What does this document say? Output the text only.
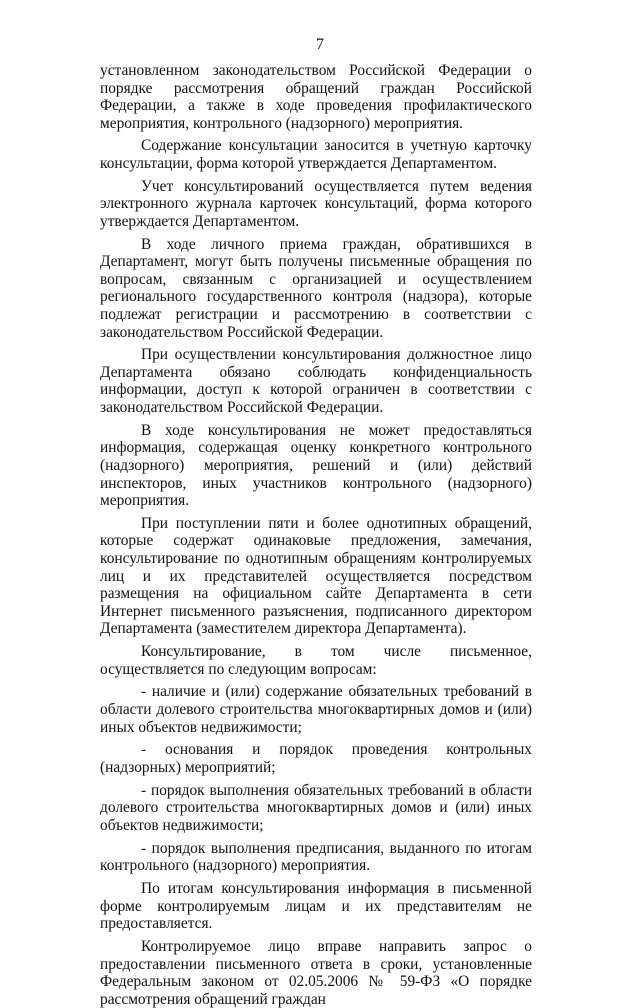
7

установленном законодательством Российской Федерации о порядке рассмотрения обращений граждан Российской Федерации, а также в ходе проведения профилактического мероприятия, контрольного (надзорного) мероприятия.

Содержание консультации заносится в учетную карточку консультации, форма которой утверждается Департаментом.

Учет консультирований осуществляется путем ведения электронного журнала карточек консультаций, форма которого утверждается Департаментом.

В ходе личного приема граждан, обратившихся в Департамент, могут быть получены письменные обращения по вопросам, связанным с организацией и осуществлением регионального государственного контроля (надзора), которые подлежат регистрации и рассмотрению в соответствии с законодательством Российской Федерации.

При осуществлении консультирования должностное лицо Департамента обязано соблюдать конфиденциальность информации, доступ к которой ограничен в соответствии с законодательством Российской Федерации.

В ходе консультирования не может предоставляться информация, содержащая оценку конкретного контрольного (надзорного) мероприятия, решений и (или) действий инспекторов, иных участников контрольного (надзорного) мероприятия.

При поступлении пяти и более однотипных обращений, которые содержат одинаковые предложения, замечания, консультирование по однотипным обращениям контролируемых лиц и их представителей осуществляется посредством размещения на официальном сайте Департамента в сети Интернет письменного разъяснения, подписанного директором Департамента (заместителем директора Департамента).

Консультирование, в том числе письменное, осуществляется по следующим вопросам:

- наличие и (или) содержание обязательных требований в области долевого строительства многоквартирных домов и (или) иных объектов недвижимости;

- основания и порядок проведения контрольных (надзорных) мероприятий;

- порядок выполнения обязательных требований в области долевого строительства многоквартирных домов и (или) иных объектов недвижимости;

- порядок выполнения предписания, выданного по итогам контрольного (надзорного) мероприятия.

По итогам консультирования информация в письменной форме контролируемым лицам и их представителям не предоставляется.

Контролируемое лицо вправе направить запрос о предоставлении письменного ответа в сроки, установленные Федеральным законом от 02.05.2006 № 59-ФЗ «О порядке рассмотрения обращений граждан
